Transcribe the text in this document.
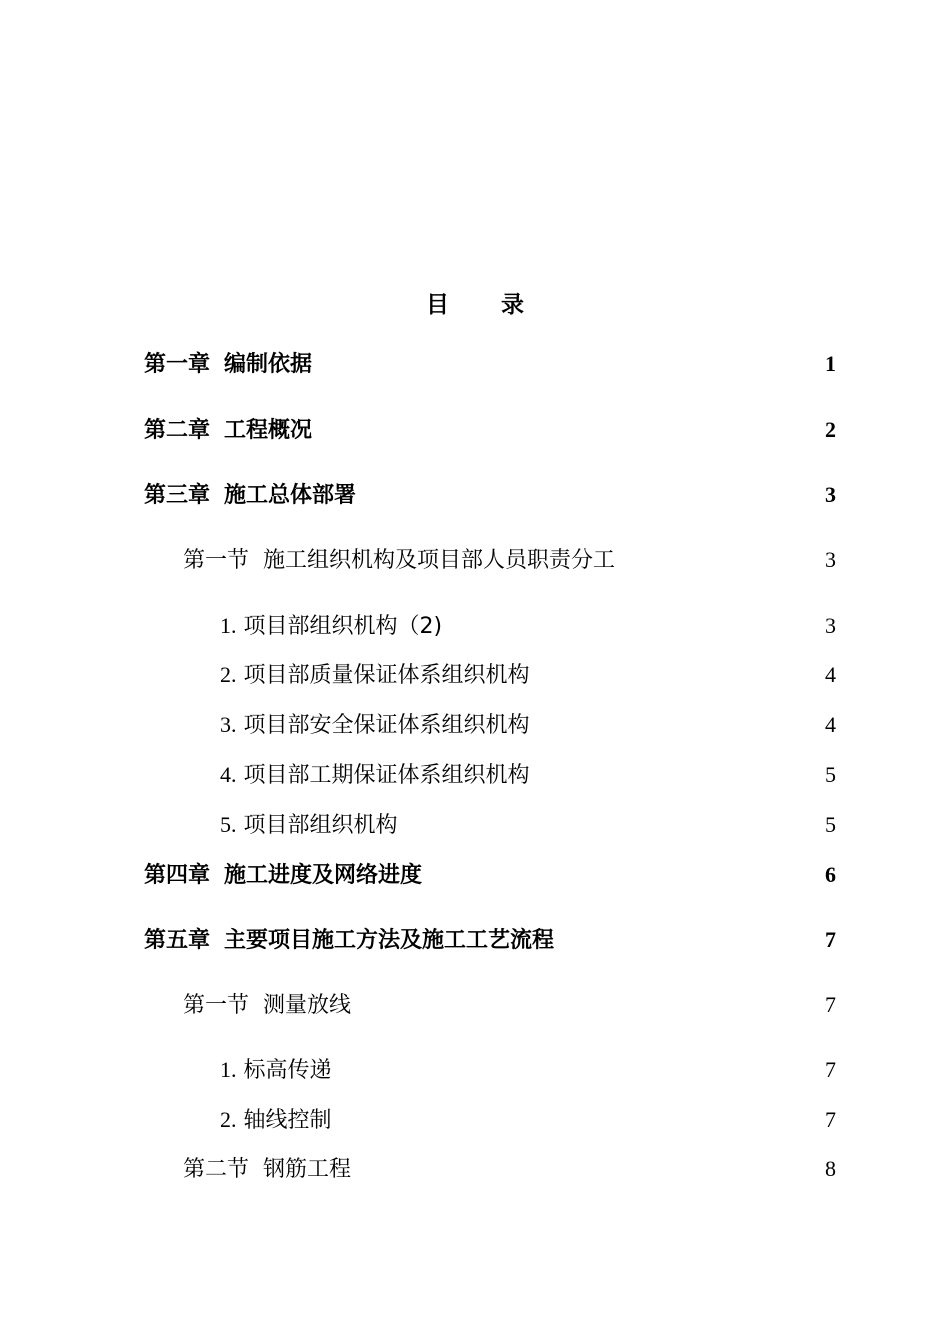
目 录
第一章 编制依据	1
第二章 工程概况	2
第三章 施工总体部署	3
第一节 施工组织机构及项目部人员职责分工	3
1. 项目部组织机构（2)	3
2. 项目部质量保证体系组织机构	4
3. 项目部安全保证体系组织机构	4
4. 项目部工期保证体系组织机构	5
5. 项目部组织机构	5
第四章 施工进度及网络进度	6
第五章 主要项目施工方法及施工工艺流程	7
第一节 测量放线	7
1. 标高传递	7
2. 轴线控制	7
第二节 钢筋工程	8
